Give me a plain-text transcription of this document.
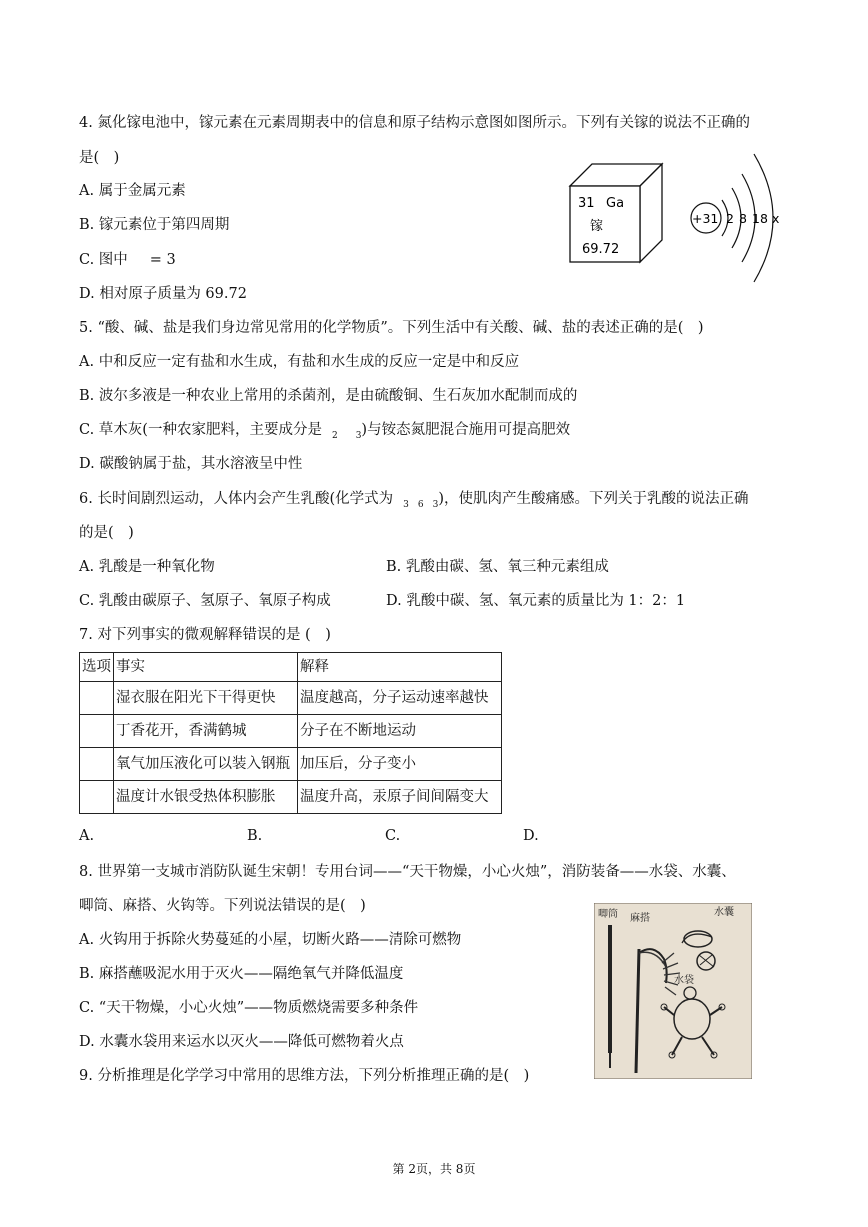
4. 氮化镓电池中，镓元素在元素周期表中的信息和原子结构示意图如图所示。下列有关镓的说法不正确的
是(　)
A. 属于金属元素
B. 镓元素位于第四周期
C. 图中 = 3
D. 相对原子质量为 69.72
31 Ga
镓
69.72
+31 2 8 18 x
5. “酸、碱、盐是我们身边常见常用的化学物质”。下列生活中有关酸、碱、盐的表述正确的是(　)
A. 中和反应一定有盐和水生成，有盐和水生成的反应一定是中和反应
B. 波尔多液是一种农业上常用的杀菌剂，是由硫酸铜、生石灰加水配制而成的
C. 草木灰(一种农家肥料，主要成分是 $_2$ $_3$)与铵态氮肥混合施用可提高肥效
D. 碳酸钠属于盐，其水溶液呈中性
6. 长时间剧烈运动，人体内会产生乳酸(化学式为 $_3$ $_6$ $_3$)，使肌肉产生酸痛感。下列关于乳酸的说法正确
的是(　)
A. 乳酸是一种氧化物	B. 乳酸由碳、氢、氧三种元素组成
C. 乳酸由碳原子、氢原子、氧原子构成	D. 乳酸中碳、氢、氧元素的质量比为 1：2：1
7. 对下列事实的微观解释错误的是 (　)
选项	事实	解释
	湿衣服在阳光下干得更快	温度越高，分子运动速率越快
	丁香花开，香满鹤城	分子在不断地运动
	氧气加压液化可以装入钢瓶	加压后，分子变小
	温度计水银受热体积膨胀	温度升高，汞原子间间隔变大
A.	B.	C.	D.
8. 世界第一支城市消防队诞生宋朝！专用台词——“天干物燥，小心火烛”，消防装备——水袋、水囊、
唧筒、麻搭、火钩等。下列说法错误的是(　)
A. 火钩用于拆除火势蔓延的小屋，切断火路——清除可燃物
B. 麻搭蘸吸泥水用于灭火——隔绝氧气并降低温度
C. “天干物燥，小心火烛”——物质燃烧需要多种条件
D. 水囊水袋用来运水以灭火——降低可燃物着火点
唧筒 麻搭
水囊
水袋
9. 分析推理是化学学习中常用的思维方法，下列分析推理正确的是(　)
第 2页，共 8页
